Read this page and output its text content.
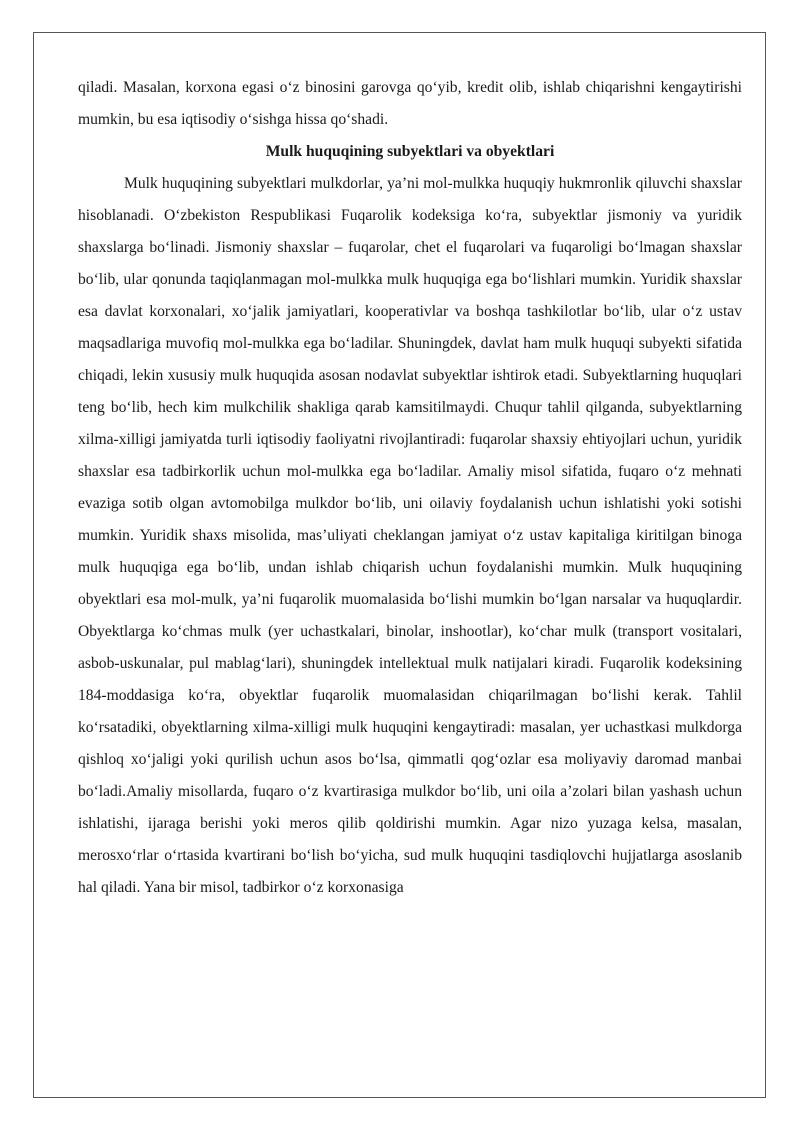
qiladi. Masalan, korxona egasi o‘z binosini garovga qo‘yib, kredit olib, ishlab chiqarishni kengaytirishi mumkin, bu esa iqtisodiy o‘sishga hissa qo‘shadi.

Mulk huquqining subyektlari va obyektlari

Mulk huquqining subyektlari mulkdorlar, ya’ni mol-mulkka huquqiy hukmronlik qiluvchi shaxslar hisoblanadi. O‘zbekiston Respublikasi Fuqarolik kodeksiga ko‘ra, subyektlar jismoniy va yuridik shaxslarga bo‘linadi. Jismoniy shaxslar – fuqarolar, chet el fuqarolari va fuqaroligi bo‘lmagan shaxslar bo‘lib, ular qonunda taqiqlanmagan mol-mulkka mulk huquqiga ega bo‘lishlari mumkin. Yuridik shaxslar esa davlat korxonalari, xo‘jalik jamiyatlari, kooperativlar va boshqa tashkilotlar bo‘lib, ular o‘z ustav maqsadlariga muvofiq mol-mulkka ega bo‘ladilar. Shuningdek, davlat ham mulk huquqi subyekti sifatida chiqadi, lekin xususiy mulk huquqida asosan nodavlat subyektlar ishtirok etadi. Subyektlarning huquqlari teng bo‘lib, hech kim mulkchilik shakliga qarab kamsitilmaydi. Chuqur tahlil qilganda, subyektlarning xilma-xilligi jamiyatda turli iqtisodiy faoliyatni rivojlantiradi: fuqarolar shaxsiy ehtiyojlari uchun, yuridik shaxslar esa tadbirkorlik uchun mol-mulkka ega bo‘ladilar. Amaliy misol sifatida, fuqaro o‘z mehnati evaziga sotib olgan avtomobilga mulkdor bo‘lib, uni oilaviy foydalanish uchun ishlatishi yoki sotishi mumkin. Yuridik shaxs misolida, mas’uliyati cheklangan jamiyat o‘z ustav kapitaliga kiritilgan binoga mulk huquqiga ega bo‘lib, undan ishlab chiqarish uchun foydalanishi mumkin. Mulk huquqining obyektlari esa mol-mulk, ya’ni fuqarolik muomalasida bo‘lishi mumkin bo‘lgan narsalar va huquqlardir. Obyektlarga ko‘chmas mulk (yer uchastkalari, binolar, inshootlar), ko‘char mulk (transport vositalari, asbob-uskunalar, pul mablag‘lari), shuningdek intellektual mulk natijalari kiradi. Fuqarolik kodeksining 184-moddasiga ko‘ra, obyektlar fuqarolik muomalasidan chiqarilmagan bo‘lishi kerak. Tahlil ko‘rsatadiki, obyektlarning xilma-xilligi mulk huquqini kengaytiradi: masalan, yer uchastkasi mulkdorga qishloq xo‘jaligi yoki qurilish uchun asos bo‘lsa, qimmatli qog‘ozlar esa moliyaviy daromad manbai bo‘ladi.Amaliy misollarda, fuqaro o‘z kvartirasiga mulkdor bo‘lib, uni oila a’zolari bilan yashash uchun ishlatishi, ijaraga berishi yoki meros qilib qoldirishi mumkin. Agar nizo yuzaga kelsa, masalan, merosxo‘rlar o‘rtasida kvartirani bo‘lish bo‘yicha, sud mulk huquqini tasdiqlovchi hujjatlarga asoslanib hal qiladi. Yana bir misol, tadbirkor o‘z korxonasiga
